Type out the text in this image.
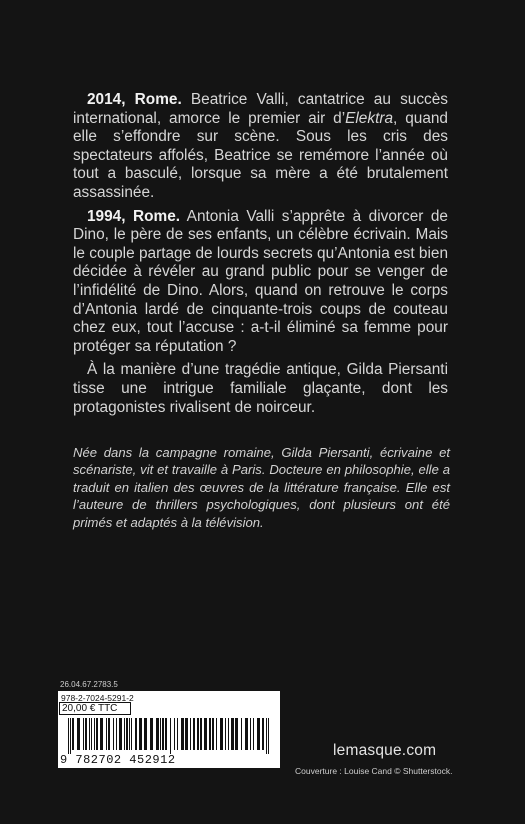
2014, Rome. Beatrice Valli, cantatrice au succès international, amorce le premier air d’Elektra, quand elle s’effondre sur scène. Sous les cris des spectateurs affolés, Beatrice se remémore l’année où tout a basculé, lorsque sa mère a été brutalement assassinée.

1994, Rome. Antonia Valli s’apprête à divorcer de Dino, le père de ses enfants, un célèbre écrivain. Mais le couple partage de lourds secrets qu’Antonia est bien décidée à révéler au grand public pour se venger de l’infidélité de Dino. Alors, quand on retrouve le corps d’Antonia lardé de cinquante-trois coups de couteau chez eux, tout l’accuse : a-t-il éliminé sa femme pour protéger sa réputation ?

À la manière d’une tragédie antique, Gilda Piersanti tisse une intrigue familiale glaçante, dont les protagonistes rivalisent de noirceur.

Née dans la campagne romaine, Gilda Piersanti, écrivaine et scénariste, vit et travaille à Paris. Docteure en philosophie, elle a traduit en italien des œuvres de la littérature française. Elle est l’auteure de thrillers psychologiques, dont plusieurs ont été primés et adaptés à la télévision.

26.04.67.2783.5
978-2-7024-5291-2
20,00 € TTC
9 782702 452912
lemasque.com
Couverture : Louise Cand © Shutterstock.
